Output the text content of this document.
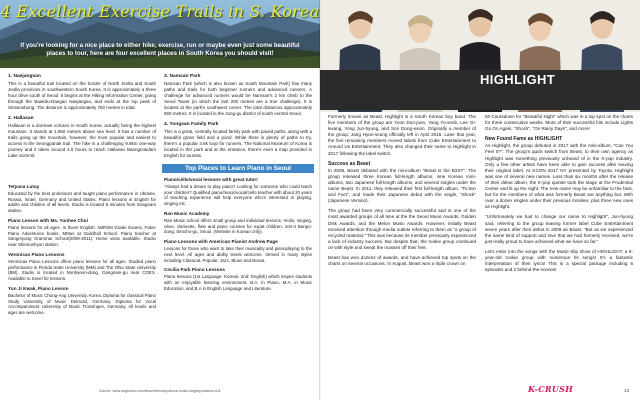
4 Excellent Exercise Trails in S. Korea
If you're looking for a nice place to either hike, exercise, run or maybe even just some beautiful places to tour, here are four excellent places in South Korea you should visit!
1. Naejangsan

This is a beautiful trail located on the border of North Jeolla and South Jeolla provinces in southwestern South Korea. It is approximately a three hour drive south of Seoul. It begins at the Hiking Information Center, going through the Baekdu-Daegan Naejangsa, and ends at the top peak of Sinseonbong. The distance is approximately 760 metres in total.

2. Hallasan

Hallasan is a dormant volcano in South Korea, actually being the highest mountain. It stands at 1,950 metres above sea level. It has a number of trails going up the mountain, however, the most popular and easiest to access is the Seongpanak trail. The hike is a challenging 9.6km one-way journey and it takes around 4.5 hours to reach Hallasan Baengnokdam Lake Summit.

3. Namsan Park

Namsan Park (which is also known as South Mountain Park) has many paths and trails for both beginner runners and advanced runners. A challenge for advanced runners would be Namsan's 2 km climb to the Seoul Tower (in which the last 200 metres are a true challenge). It is located at the park's southwest corner. The total distances approximately 860 metres. It is located in the Jung-gu district of south central Seoul.

4. Yongsan Family Park

This is a great, centrally located family park with paved paths, along with a beautiful grass field and a pond. While there is plenty of paths to try, there's a popular 4.6k loop for runners. The National Museum of Korea is located in this park and at the entrance, there's even a map provided in English for tourists.

Top Places to Learn Piano in Seoul
Tetyana Lutay

Educated by the best professors and taught piano performance in Ukraine, Russia, Israel, Germany and United States. Piano lessons in English for adults and children of all levels. Studio is located 5 minutes from Gangnam station.

Piano Lesson with Ms. Yunhee Choi

Piano lessons for all ages. In fluent English. ABRSM Grade Exams, Faber Piano Adventures books. MMus at Guildhall School. Piano teacher at Sangmyung Grammar School(2009-2011). Home visits available. Studio near Shinnonhyun station.

Veronicas Piano Lessons

Veronicas Piano Lessons offers piano lessons for all ages. Studied piano performance in Florida State University (MM) and The Ohio State University (BM). Studio is located in Nonhyeon-dong, Gangnam-gu near COEX. Available to travel for lessons.

Yun Ji Kwak, Piano Lesson

Bachelor of Music Chung-Ang University, Korea. Diploma for classical Piano Study University of Music Detmold, Germany. Diploma for Vocal Accompaniment University of Music Trossingen, Germany. All levels and ages are welcome.

Piano/cello/vocal lessons with great tutor!

"Always had a dream to play piano? Looking for someone who could teach your children? Qualified piano/music/vocal/cello teacher with about 20 years of teaching experience will help everyone who's interested in playing, singing etc.

Ran Music Academy

Ran Music school offers small group and individual lessons. Violin, singing, oboe, clarinette, flute and piano courses for expat children. 104-4 Banpo-dong, Seocho-gu, Seoul. (Website in Korean only).

Piano Lessons with American Pianist Andrew Page

Lessons for those who want to take their musicality and pianoplaying to the next level. All ages and ability levels welcome. Versed in many styles including Classical, Popular, Jazz, Blues and Bossa.

Cecilia Park Piano Lessons

Piano lessons (1st Language: Korean, 2nd: English) which inspire students with an enjoyable learning environment. B.A. in Piano, M.A. in Music Education, and B.A in English Language and Literature.

Source: www.angloinfo.com/seoul/directory/seoul-music-singing-lessons-611
HIGHLIGHT

Formerly known as Beast, Highlight is a South Korean boy band. The five members of the group are Yoon Doo-joon, Yang Yo-seob, Lee Gi-kwang, Yong Jun-hyung, and Son Dong-woon. Originally a member of the group, Jang Hyun-seung officially left in April 2016. Later that year, the five remaining members moved labels from Cube Entertainment to Around Us Entertainment. They also changed their name to Highlight in 2017 following the label switch.

Success as Beast

In 2009, Beast debuted with the mini-album "Beast is the B2ST". The group released three Korean full-length albums, nine Korean mini-albums, two Japanese full-length albums, and several singles under the name Beast. In 2011, they released their first full-length album, "Fiction and Fact", and made their Japanese debut with the single, "Shock" (Japanese Version).

The group had been very commercially successful and is one of the most awarded groups of all time at the the Seoul Music Awards, Golden Disk Awards, and the Melon Music Awards. However, initially Beast received attention through media outlets referring to them as "a group of recycled material." This was because its member previously experienced a lack of industry success. But despite that, the rookie group continued on with style and swept the masses off their feet.

Beast has won dozens of awards, and have achieved top spots on the charts on several occasions. In August, Beast won a triple crown on

M! Countdown for "Beautiful Night" which was in a top spot on the charts for three consecutive weeks. More of their successful hits include Lights Go On Again, "Shock", "On Rainy Days", and more!

New Found Fame as HIGHLIGHT

As Highlight, the group debuted in 2017 with the mini-album, "Can You Feel It?". The group's quick switch from Beast, to their own agency as Highlight was something previously unheard of in the K-pop industry. Only a few other artists have been able to gain success after leaving their original label. At KCON 2017 NY presented by Toyota, Highlight was one of several new names. Less than six months after the release of their debut album, the K-pop quintet took the stage at the Prudential Center and lit up the night. The new name may be unfamiliar to the fans, but for the members of what was formerly Beast are anything but. With over a dozen singles under their previous moniker, plus three new ones as Highlight.

"Unfortunately we had to change our name to Highlight", Jun-hyung said, referring to the group leaving former label Cube Entertainment seven years after their debut in 2009 as Beast. "But as we experienced the same kind of support and love that we had formerly received, we're just really proud to have achieved what we have so far."

Let's enter into the songs with the Music-Slip show of HIGHLIGHT, a 9-year-old rookie group with numerous hit songs! It's a fantastic interpretation of their lyrics! This is a special package including 6 episodes and 2 behind-the-scenes!

K-CRUSH	13
